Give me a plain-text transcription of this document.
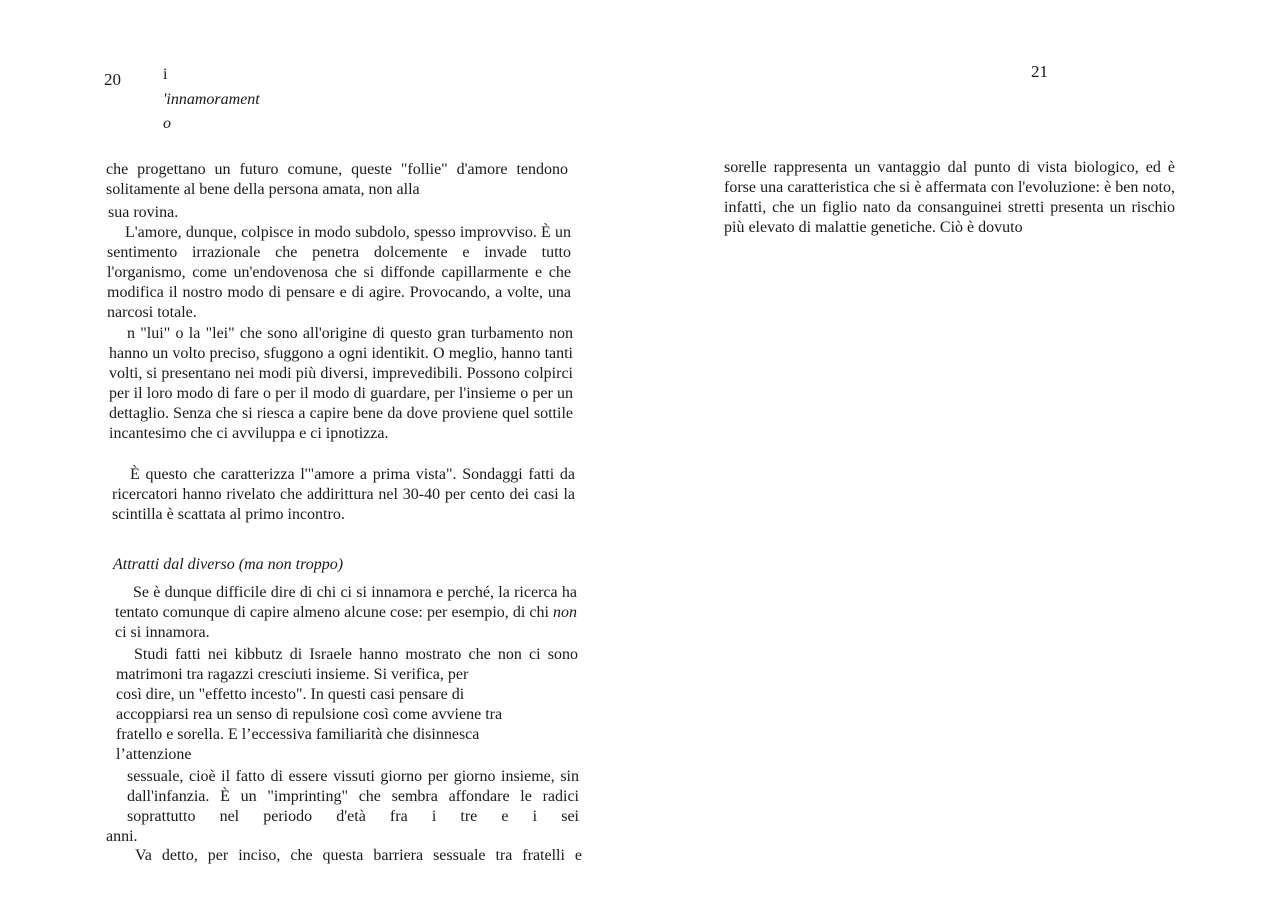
20	i
'innamorament
o

che progettano un futuro comune, queste "follie" d'amore tendono solitamente al bene della persona amata, non alla

sua rovina.

L'amore, dunque, colpisce in modo subdolo, spesso improvviso. È un sentimento irrazionale che penetra dolcemente e invade tutto l'organismo, come un'endovenosa che si diffonde capillarmente e che modifica il nostro modo di pensare e di agire. Provocando, a volte, una narcosi totale.

n "lui" o la "lei" che sono all'origine di questo gran turbamento non hanno un volto preciso, sfuggono a ogni identikit. O meglio, hanno tanti volti, si presentano nei modi più diversi, imprevedibili. Possono colpirci per il loro modo di fare o per il modo di guardare, per l'insieme o per un dettaglio. Senza che si riesca a capire bene da dove proviene quel sottile incantesimo che ci avviluppa e ci ipnotizza.

È questo che caratterizza l'"amore a prima vista". Sondaggi fatti da ricercatori hanno rivelato che addirittura nel 30-40 per cento dei casi la scintilla è scattata al primo incontro.

Attratti dal diverso (ma non troppo)

Se è dunque difficile dire di chi ci si innamora e perché, la ricerca ha tentato comunque di capire almeno alcune cose: per esempio, di chi non ci si innamora.

Studi fatti nei kibbutz di Israele hanno mostrato che non ci sono matrimoni tra ragazzi cresciuti insieme. Si verifica, per

così dire, un "effetto incesto". In questi casi pensare di

accoppiarsi rea un senso di repulsione così come avviene tra

fratello e sorella. E l’eccessiva familiarità che disinnesca

l’attenzione

sessuale, cioè il fatto di essere vissuti giorno per giorno insieme, sin dall'infanzia. È un "imprinting" che sembra affondare le radici soprattutto nel periodo d'età fra i tre e i sei

anni.

Va detto, per inciso, che questa barriera sessuale tra fratelli e

21

sorelle rappresenta un vantaggio dal punto di vista biologico, ed è forse una caratteristica che si è affermata con l'evoluzione: è ben noto, infatti, che un figlio nato da consanguinei stretti presenta un rischio più elevato di malattie genetiche. Ciò è dovuto
